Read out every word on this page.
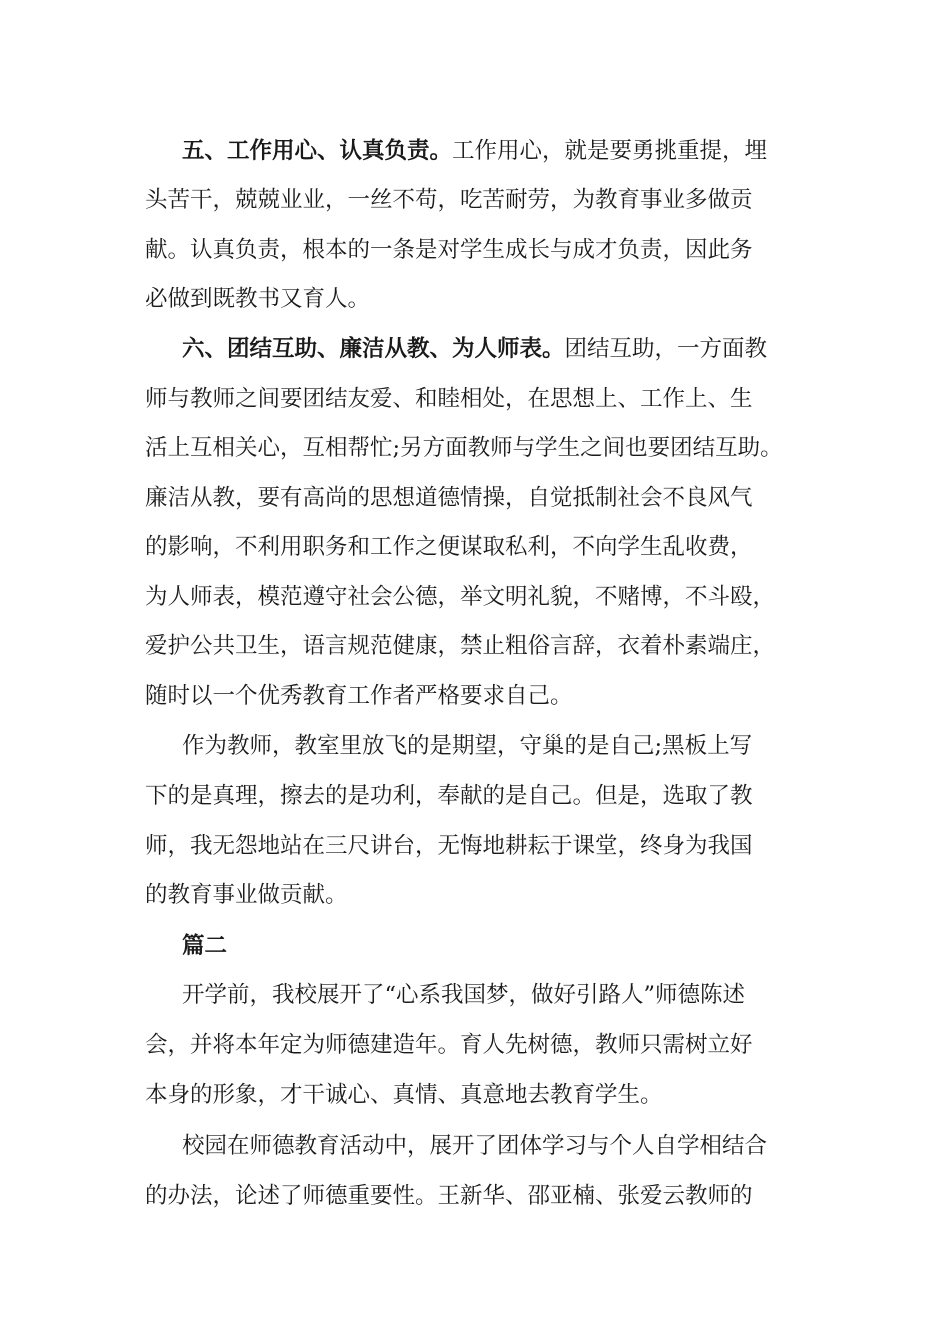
五、工作用心、认真负责。工作用心，就是要勇挑重提，埋
头苦干，兢兢业业，一丝不苟，吃苦耐劳，为教育事业多做贡
献。认真负责，根本的一条是对学生成长与成才负责，因此务
必做到既教书又育人。
六、团结互助、廉洁从教、为人师表。团结互助，一方面教
师与教师之间要团结友爱、和睦相处，在思想上、工作上、生
活上互相关心，互相帮忙;另方面教师与学生之间也要团结互助。
廉洁从教，要有高尚的思想道德情操，自觉抵制社会不良风气
的影响，不利用职务和工作之便谋取私利，不向学生乱收费，
为人师表，模范遵守社会公德，举文明礼貌，不赌博，不斗殴，
爱护公共卫生，语言规范健康，禁止粗俗言辞，衣着朴素端庄，
随时以一个优秀教育工作者严格要求自己。
作为教师，教室里放飞的是期望，守巢的是自己;黑板上写
下的是真理，擦去的是功利，奉献的是自己。但是，选取了教
师，我无怨地站在三尺讲台，无悔地耕耘于课堂，终身为我国
的教育事业做贡献。
篇二
开学前，我校展开了“心系我国梦，做好引路人”师德陈述
会，并将本年定为师德建造年。育人先树德，教师只需树立好
本身的形象，才干诚心、真情、真意地去教育学生。
校园在师德教育活动中，展开了团体学习与个人自学相结合
的办法，论述了师德重要性。王新华、邵亚楠、张爱云教师的
